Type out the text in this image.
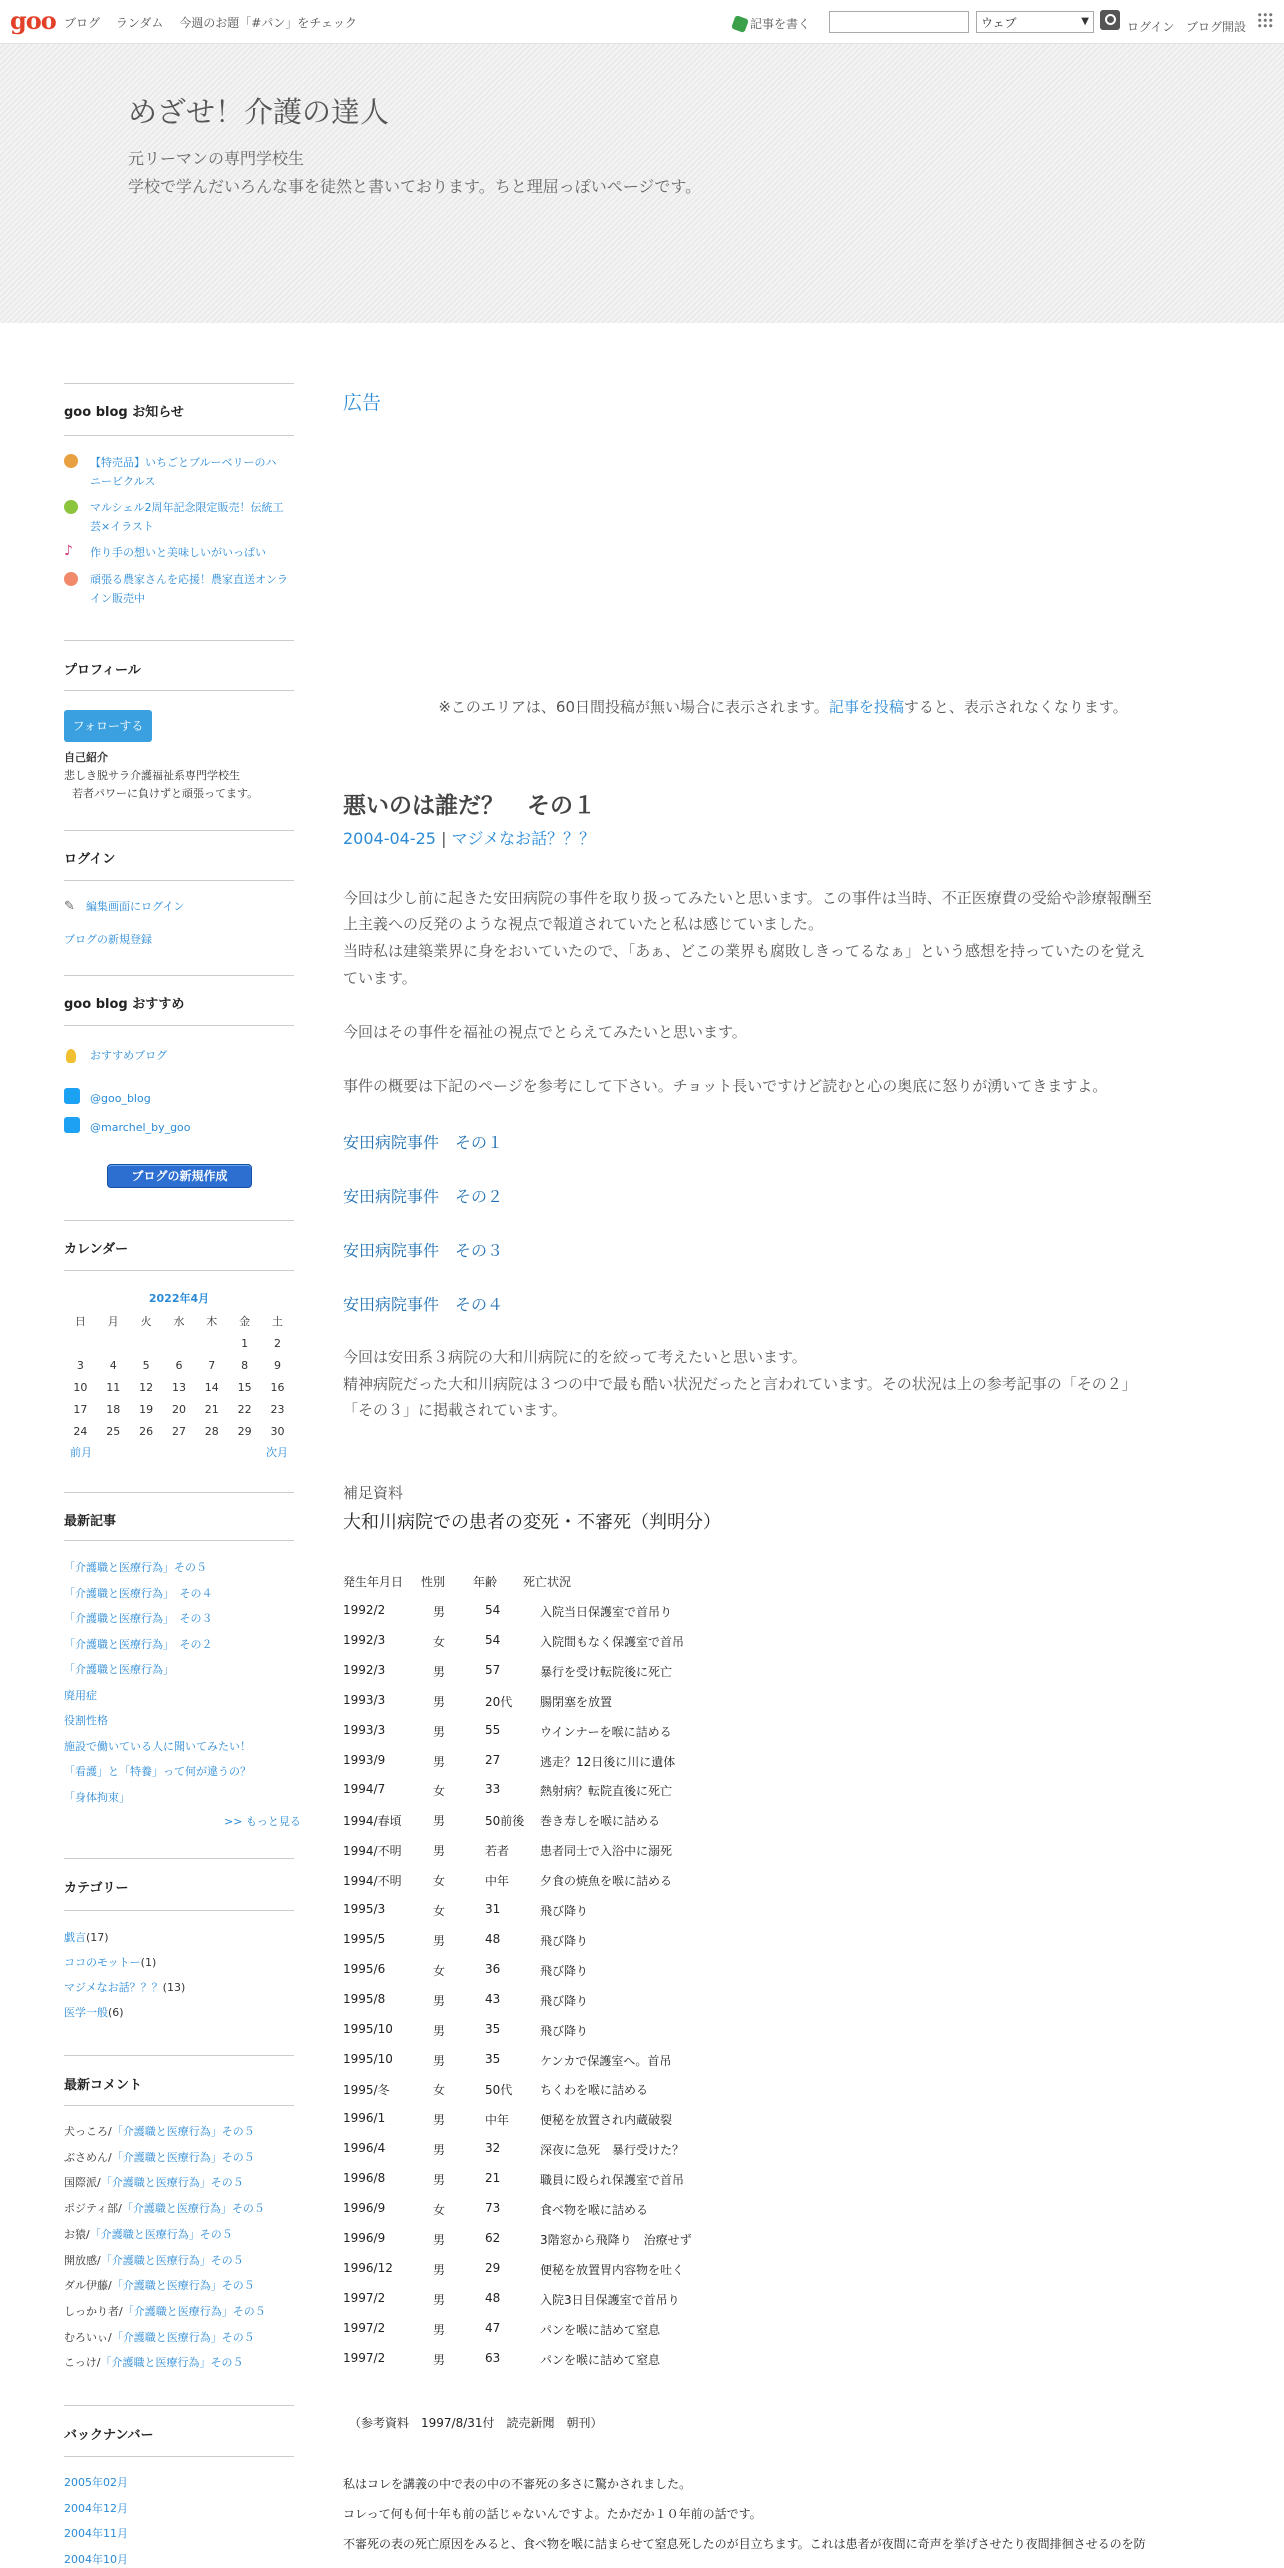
goo ブログ ランダム 今週のお題「#パン」をチェック	記事を書く	ウェブ	▼	ログイン ブログ開設
めざせ！介護の達人
元リーマンの専門学校生
学校で学んだいろんな事を徒然と書いております。ちと理屈っぽいページです。
goo blog お知らせ
【特売品】いちごとブルーベリーのハ
ニービクルス
マルシェル2周年記念限定販売！伝統工
芸×イラスト
♪	作り手の想いと美味しいがいっぱい
頑張る農家さんを応援！農家直送オンラ
イン販売中
プロフィール
フォローする
自己紹介
悲しき脱サラ介護福祉系専門学校生
若者パワーに負けずと頑張ってます。
ログイン
✎ 編集画面にログイン
ブログの新規登録
goo blog おすすめ
おすすめブログ
@goo_blog
@marchel_by_goo
ブログの新規作成
カレンダー
2022年4月
日	月	火	水	木	金	土
					1	2
3	4	5	6	7	8	9
10	11	12	13	14	15	16
17	18	19	20	21	22	23
24	25	26	27	28	29	30
前月	次月
最新記事
「介護職と医療行為」その５
「介護職と医療行為」　その４
「介護職と医療行為」　その３
「介護職と医療行為」　その２
「介護職と医療行為」
廃用症
役割性格
施設で働いている人に聞いてみたい！
「看護」と「特養」って何が違うの？
「身体拘束」
>> もっと見る
カテゴリー
戯言(17)
ココのモットー(1)
マジメなお話？？？(13)
医学一般(6)
最新コメント
犬っころ/「介護職と医療行為」その５
ぶさめん/「介護職と医療行為」その５
国際派/「介護職と医療行為」その５
ポジティ部/「介護職と医療行為」その５
お猿/「介護職と医療行為」その５
開放感/「介護職と医療行為」その５
ダル伊藤/「介護職と医療行為」その５
しっかり者/「介護職と医療行為」その５
むろいぃ/「介護職と医療行為」その５
こっけ/「介護職と医療行為」その５
バックナンバー
2005年02月
2004年12月
2004年11月
2004年10月
広告
※このエリアは、60日間投稿が無い場合に表示されます。記事を投稿すると、表示されなくなります。
悪いのは誰だ？　その１
2004-04-25 | マジメなお話？？？
今回は少し前に起きた安田病院の事件を取り扱ってみたいと思います。この事件は当時、不正医療費の受給や診療報酬至
上主義への反発のような視点で報道されていたと私は感じていました。
当時私は建築業界に身をおいていたので、「あぁ、どこの業界も腐敗しきってるなぁ」という感想を持っていたのを覚え
ています。
今回はその事件を福祉の視点でとらえてみたいと思います。
事件の概要は下記のページを参考にして下さい。チョット長いですけど読むと心の奥底に怒りが湧いてきますよ。
安田病院事件　その１
安田病院事件　その２
安田病院事件　その３
安田病院事件　その４
今回は安田系３病院の大和川病院に的を絞って考えたいと思います。
精神病院だった大和川病院は３つの中で最も酷い状況だったと言われています。その状況は上の参考記事の「その２」
「その３」に掲載されています。
補足資料
大和川病院での患者の変死・不審死（判明分）
発生年月日 性別 年齢 死亡状況
1992/2	男	54	入院当日保護室で首吊り
1992/3	女	54	入院間もなく保護室で首吊
1992/3	男	57	暴行を受け転院後に死亡
1993/3	男	20代 腸閉塞を放置
1993/3	男	55	ウインナーを喉に詰める
1993/9	男	27	逃走？12日後に川に遺体
1994/7	女	33	熱射病？転院直後に死亡
1994/春頃	男	50前後 巻き寿しを喉に詰める
1994/不明	男	若者	患者同士で入浴中に溺死
1994/不明	女	中年	夕食の焼魚を喉に詰める
1995/3	女	31	飛び降り
1995/5	男	48	飛び降り
1995/6	女	36	飛び降り
1995/8	男	43	飛び降り
1995/10	男	35	飛び降り
1995/10	男	35	ケンカで保護室へ。首吊
1995/冬	女	50代 ちくわを喉に詰める
1996/1	男	中年	便秘を放置され内蔵破裂
1996/4	男	32	深夜に急死　暴行受けた？
1996/8	男	21	職員に殴られ保護室で首吊
1996/9	女	73	食べ物を喉に詰める
1996/9	男	62	3階窓から飛降り　治療せず
1996/12	男	29	便秘を放置胃内容物を吐く
1997/2	男	48	入院3日目保護室で首吊り
1997/2	男	47	パンを喉に詰めて窒息
1997/2	男	63	パンを喉に詰めて窒息
（参考資料　1997/8/31付　読売新聞　朝刊）
私はコレを講義の中で表の中の不審死の多さに驚かされました。
コレって何も何十年も前の話じゃないんですよ。たかだか１０年前の話です。
不審死の表の死亡原因をみると、食べ物を喉に詰まらせて窒息死したのが目立ちます。これは患者が夜間に奇声を挙げさせたり夜間排徊させるのを防
